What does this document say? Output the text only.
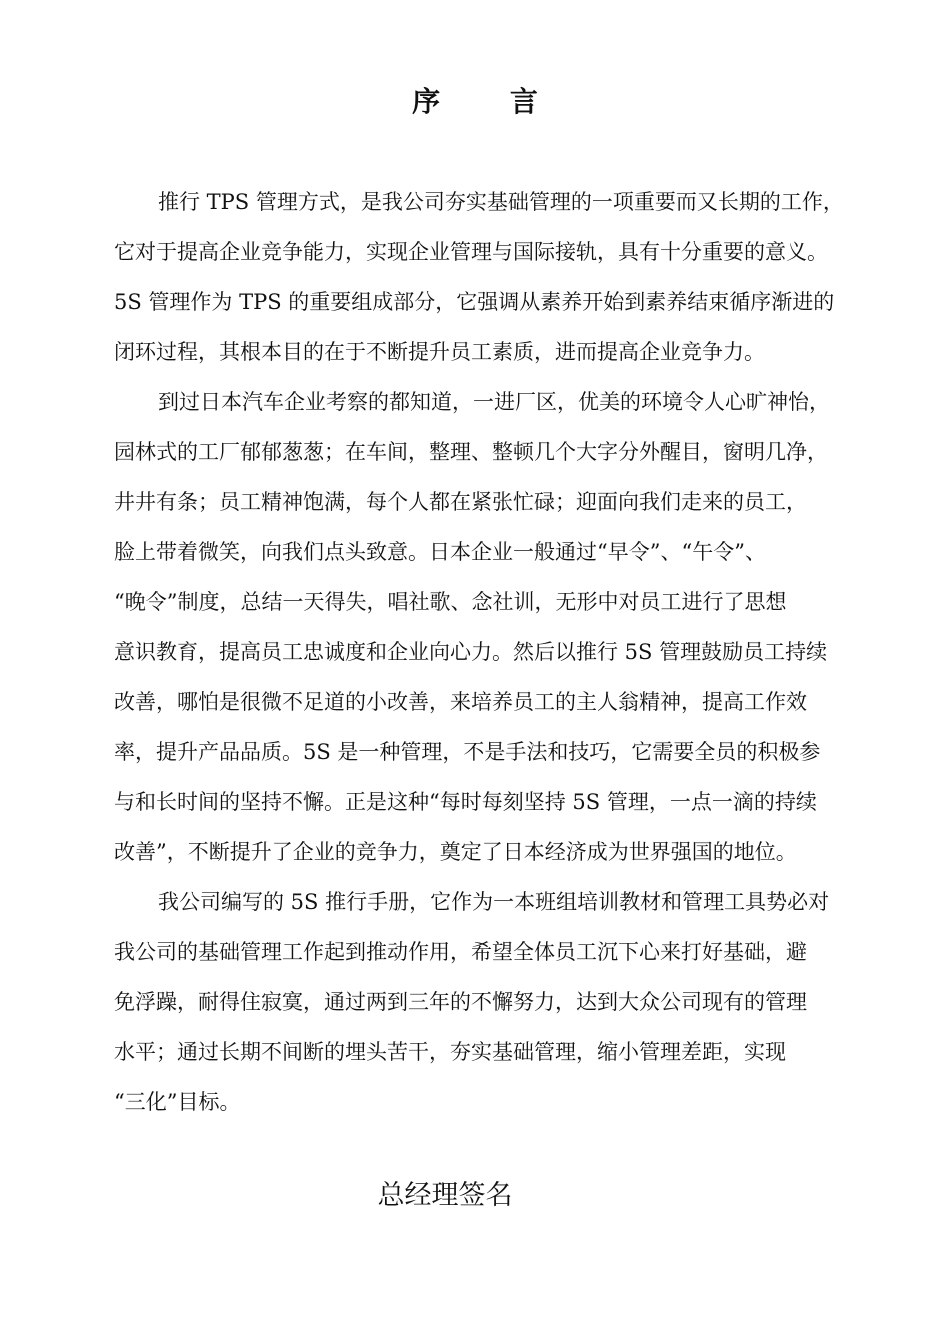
序 言

推行 TPS 管理方式，是我公司夯实基础管理的一项重要而又长期的工作，
它对于提高企业竞争能力，实现企业管理与国际接轨，具有十分重要的意义。
5S 管理作为 TPS 的重要组成部分，它强调从素养开始到素养结束循序渐进的
闭环过程，其根本目的在于不断提升员工素质，进而提高企业竞争力。

到过日本汽车企业考察的都知道，一进厂区，优美的环境令人心旷神怡，
园林式的工厂郁郁葱葱；在车间，整理、整顿几个大字分外醒目，窗明几净，
井井有条；员工精神饱满，每个人都在紧张忙碌；迎面向我们走来的员工，
脸上带着微笑，向我们点头致意。日本企业一般通过“早令”、“午令”、
“晚令”制度，总结一天得失，唱社歌、念社训，无形中对员工进行了思想
意识教育，提高员工忠诚度和企业向心力。然后以推行 5S 管理鼓励员工持续
改善，哪怕是很微不足道的小改善，来培养员工的主人翁精神，提高工作效
率，提升产品品质。5S 是一种管理，不是手法和技巧，它需要全员的积极参
与和长时间的坚持不懈。正是这种“每时每刻坚持 5S 管理，一点一滴的持续
改善”，不断提升了企业的竞争力，奠定了日本经济成为世界强国的地位。

我公司编写的 5S 推行手册，它作为一本班组培训教材和管理工具势必对
我公司的基础管理工作起到推动作用，希望全体员工沉下心来打好基础，避
免浮躁，耐得住寂寞，通过两到三年的不懈努力，达到大众公司现有的管理
水平；通过长期不间断的埋头苦干，夯实基础管理，缩小管理差距，实现
“三化”目标。

总经理签名
